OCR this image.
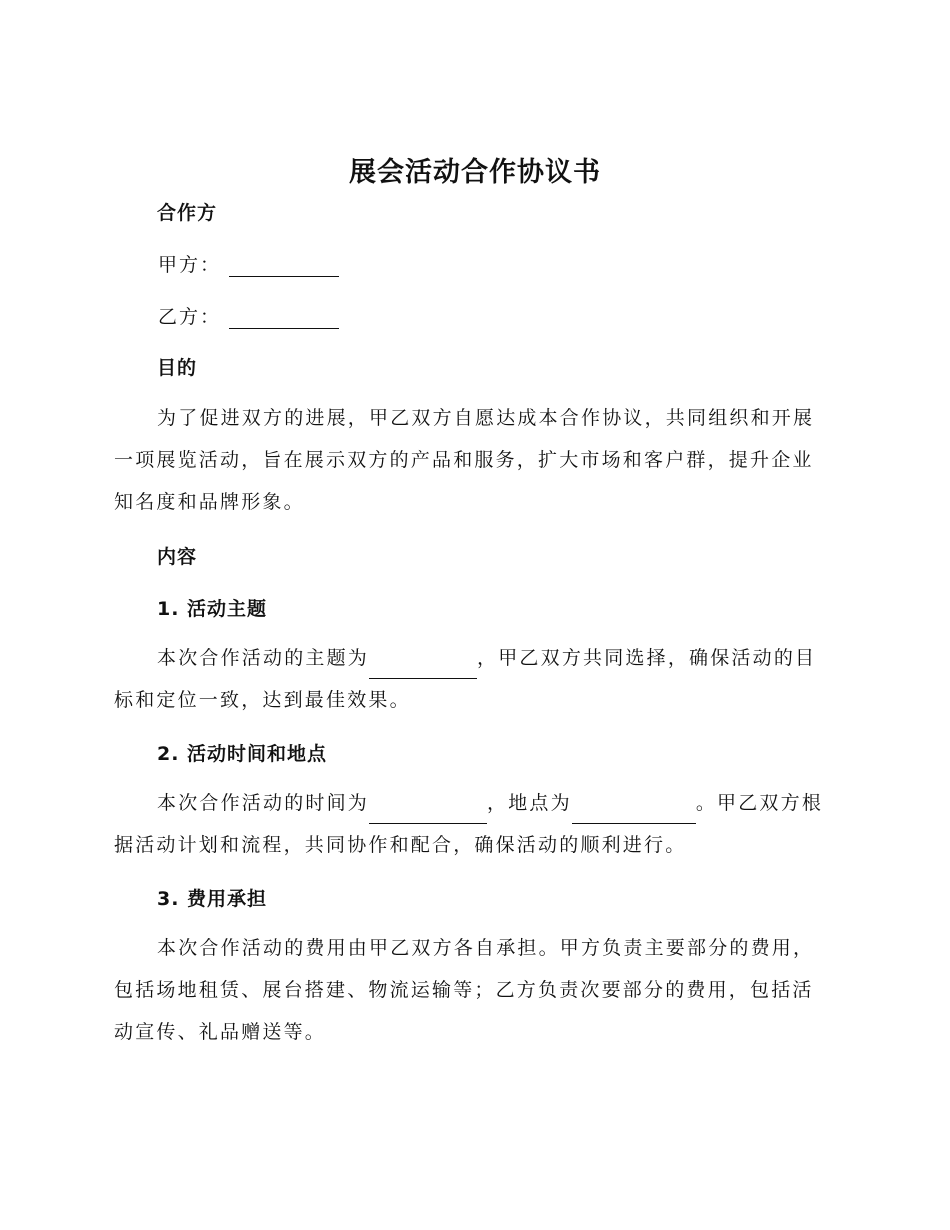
展会活动合作协议书
合作方
甲方：
乙方：
目的

为了促进双方的进展，甲乙双方自愿达成本合作协议，共同组织和开展一项展览活动，旨在展示双方的产品和服务，扩大市场和客户群，提升企业知名度和品牌形象。

内容
1. 活动主题

本次合作活动的主题为	，甲乙双方共同选择，确保活动的目标和定位一致，达到最佳效果。

2. 活动时间和地点

本次合作活动的时间为	，地点为	。甲乙双方根据活动计划和流程，共同协作和配合，确保活动的顺利进行。

3. 费用承担

本次合作活动的费用由甲乙双方各自承担。甲方负责主要部分的费用，包括场地租赁、展台搭建、物流运输等；乙方负责次要部分的费用，包括活动宣传、礼品赠送等。
